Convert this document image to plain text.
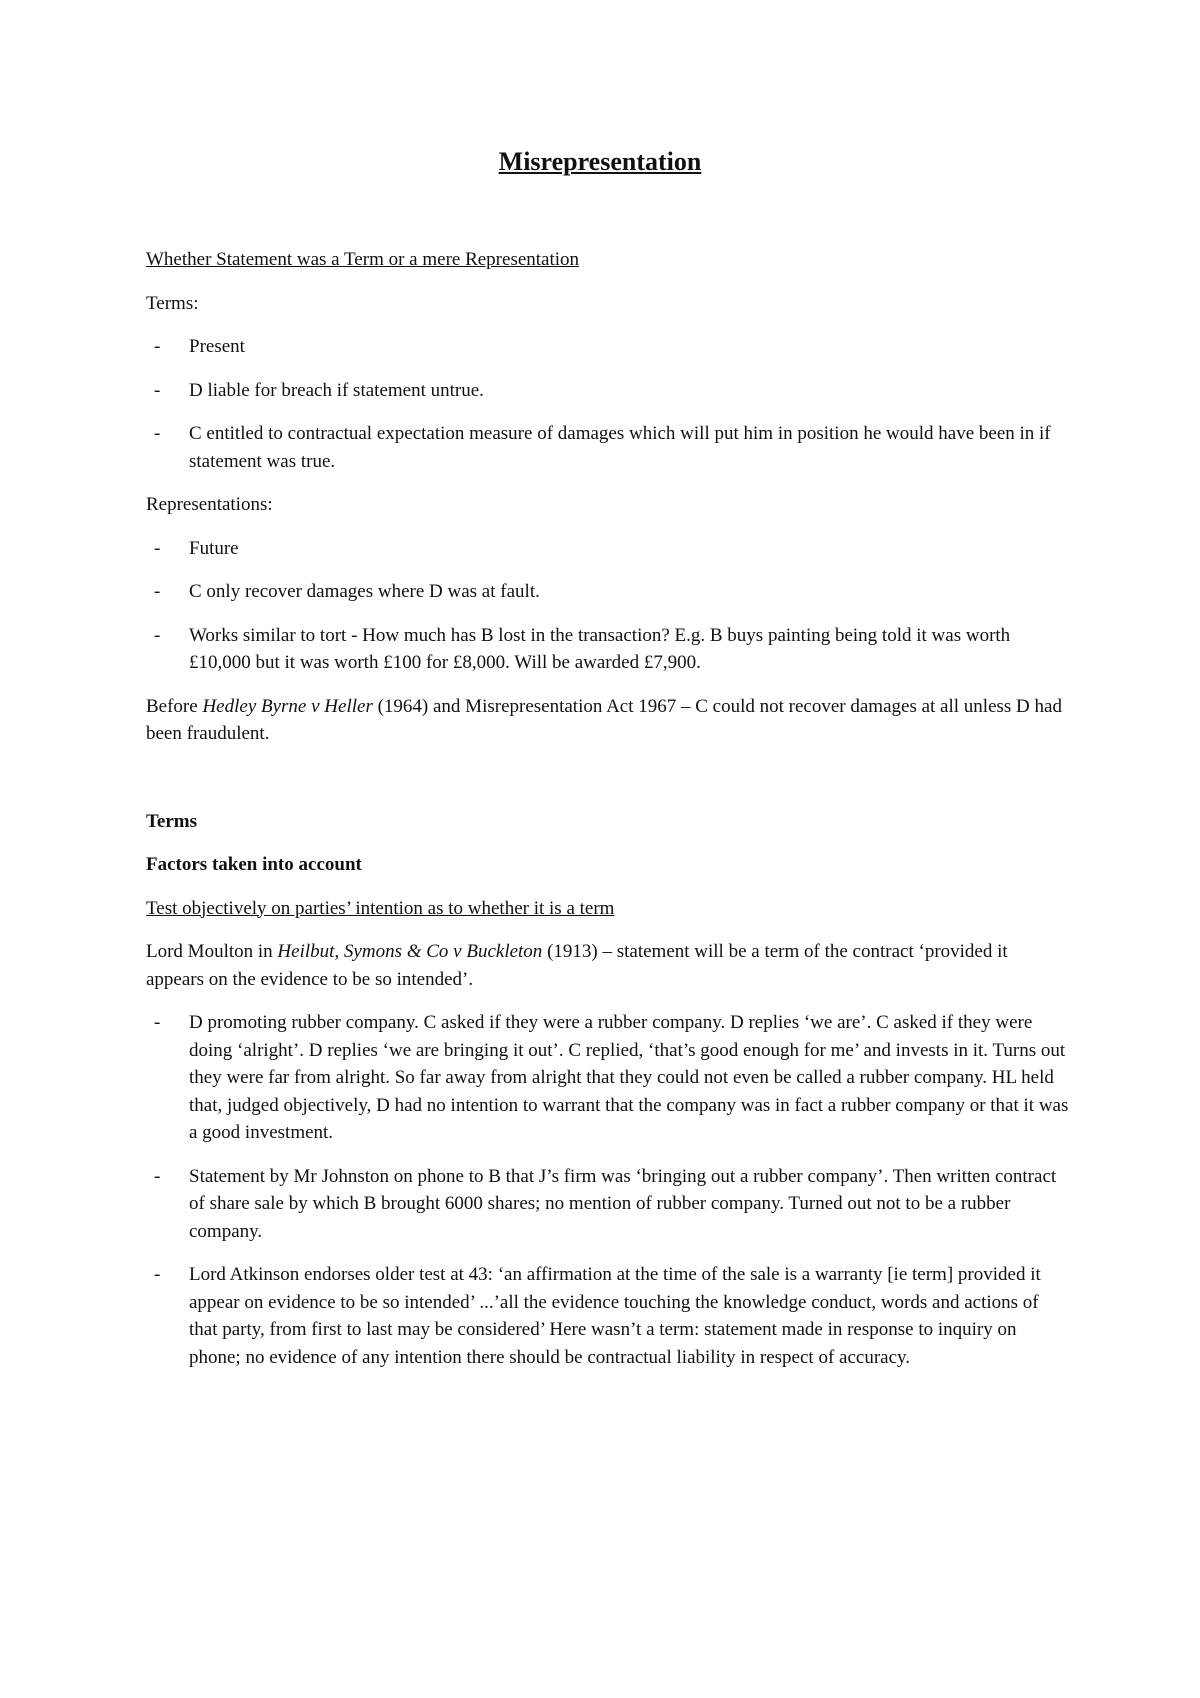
Misrepresentation

Whether Statement was a Term or a mere Representation

Terms:

- Present
- D liable for breach if statement untrue.
- C entitled to contractual expectation measure of damages which will put him in position he would have been in if statement was true.

Representations:

- Future
- C only recover damages where D was at fault.
- Works similar to tort - How much has B lost in the transaction? E.g. B buys painting being told it was worth £10,000 but it was worth £100 for £8,000. Will be awarded £7,900.

Before Hedley Byrne v Heller (1964) and Misrepresentation Act 1967 – C could not recover damages at all unless D had been fraudulent.

Terms

Factors taken into account

Test objectively on parties’ intention as to whether it is a term

Lord Moulton in Heilbut, Symons & Co v Buckleton (1913) – statement will be a term of the contract ‘provided it appears on the evidence to be so intended’.

- D promoting rubber company. C asked if they were a rubber company. D replies ‘we are’. C asked if they were doing ‘alright’. D replies ‘we are bringing it out’. C replied, ‘that’s good enough for me’ and invests in it. Turns out they were far from alright. So far away from alright that they could not even be called a rubber company. HL held that, judged objectively, D had no intention to warrant that the company was in fact a rubber company or that it was a good investment.
- Statement by Mr Johnston on phone to B that J’s firm was ‘bringing out a rubber company’. Then written contract of share sale by which B brought 6000 shares; no mention of rubber company. Turned out not to be a rubber company.
- Lord Atkinson endorses older test at 43: ‘an affirmation at the time of the sale is a warranty [ie term] provided it appear on evidence to be so intended’ ...’all the evidence touching the knowledge conduct, words and actions of that party, from first to last may be considered’ Here wasn’t a term: statement made in response to inquiry on phone; no evidence of any intention there should be contractual liability in respect of accuracy.
